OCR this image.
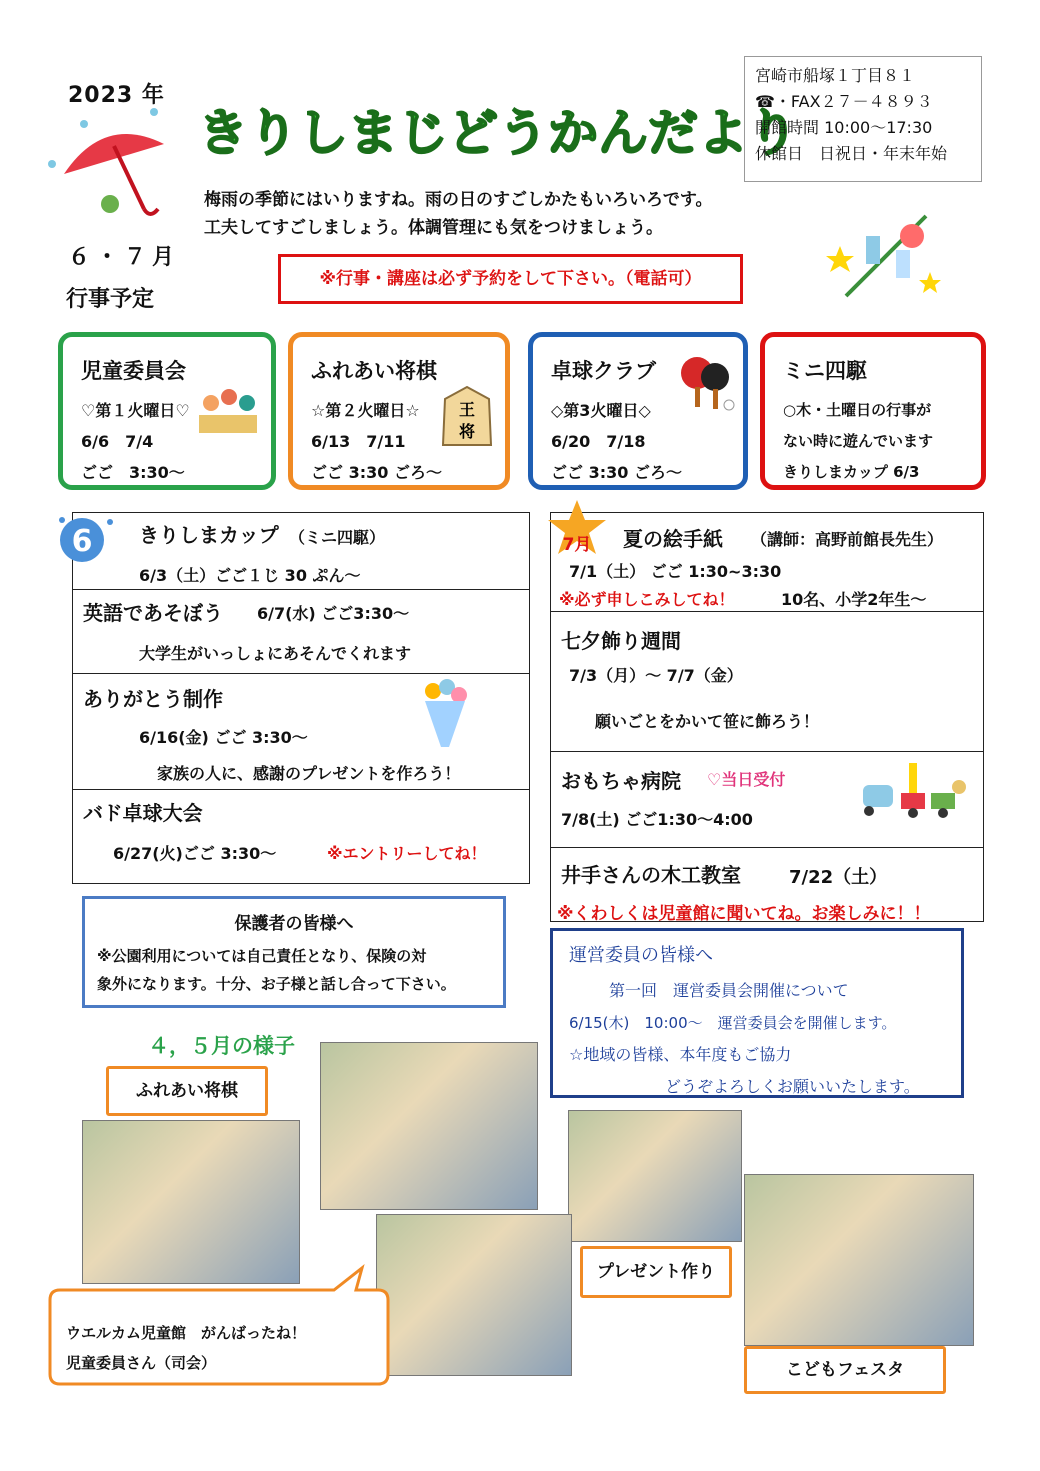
2023 年
きりしまじどうかんだより
宮崎市船塚１丁目８１
☎・FAX２７－４８９３
開館時間 10:00～17:30
休館日　日祝日・年末年始
梅雨の季節にはいりますね。雨の日のすごしかたもいろいろです。
工夫してすごしましょう。体調管理にも気をつけましょう。
６・７月
行事予定
※行事・講座は必ず予約をして下さい。（電話可）
児童委員会
♡第１火曜日♡
6/6　7/4
ごご　3:30～
ふれあい将棋
☆第２火曜日☆
6/13　7/11
ごご 3:30 ごろ～
王
将
卓球クラブ
◇第3火曜日◇
6/20　7/18
ごご 3:30 ごろ～
ミニ四駆
○木・土曜日の行事が
ない時に遊んでいます
きりしまカップ 6/3
きりしまカップ （ミニ四駆）
6/3（土）ごご１じ 30 ぷん～
英語であそぼう 6/7(水) ごご3:30～
大学生がいっしょにあそんでくれます
ありがとう制作
6/16(金) ごご 3:30～
家族の人に、感謝のプレゼントを作ろう！
バド卓球大会
6/27(火)ごご 3:30～	※エントリーしてね！
6	夏の絵手紙 （講師：高野前館長先生）
7/1（土） ごご 1:30~3:30
※必ず申しこみしてね！	10名、小学2年生～
七夕飾り週間
7/3（月）～ 7/7（金）
願いごとをかいて笹に飾ろう！
おもちゃ病院 ♡当日受付
7/8(土) ごご1:30～4:00
井手さんの木工教室	7/22（土）
※くわしくは児童館に聞いてね。お楽しみに！！
7月
保護者の皆様へ
※公園利用については自己責任となり、保険の対
象外になります。十分、お子様と話し合って下さい。
運営委員の皆様へ
第一回　運営委員会開催について
6/15(木)　10:00～　運営委員会を開催します。
☆地域の皆様、本年度もご協力
どうぞよろしくお願いいたします。
４，５月の様子
ふれあい将棋
プレゼント作り
こどもフェスタ
ウエルカム児童館　がんばったね！
児童委員さん（司会）
